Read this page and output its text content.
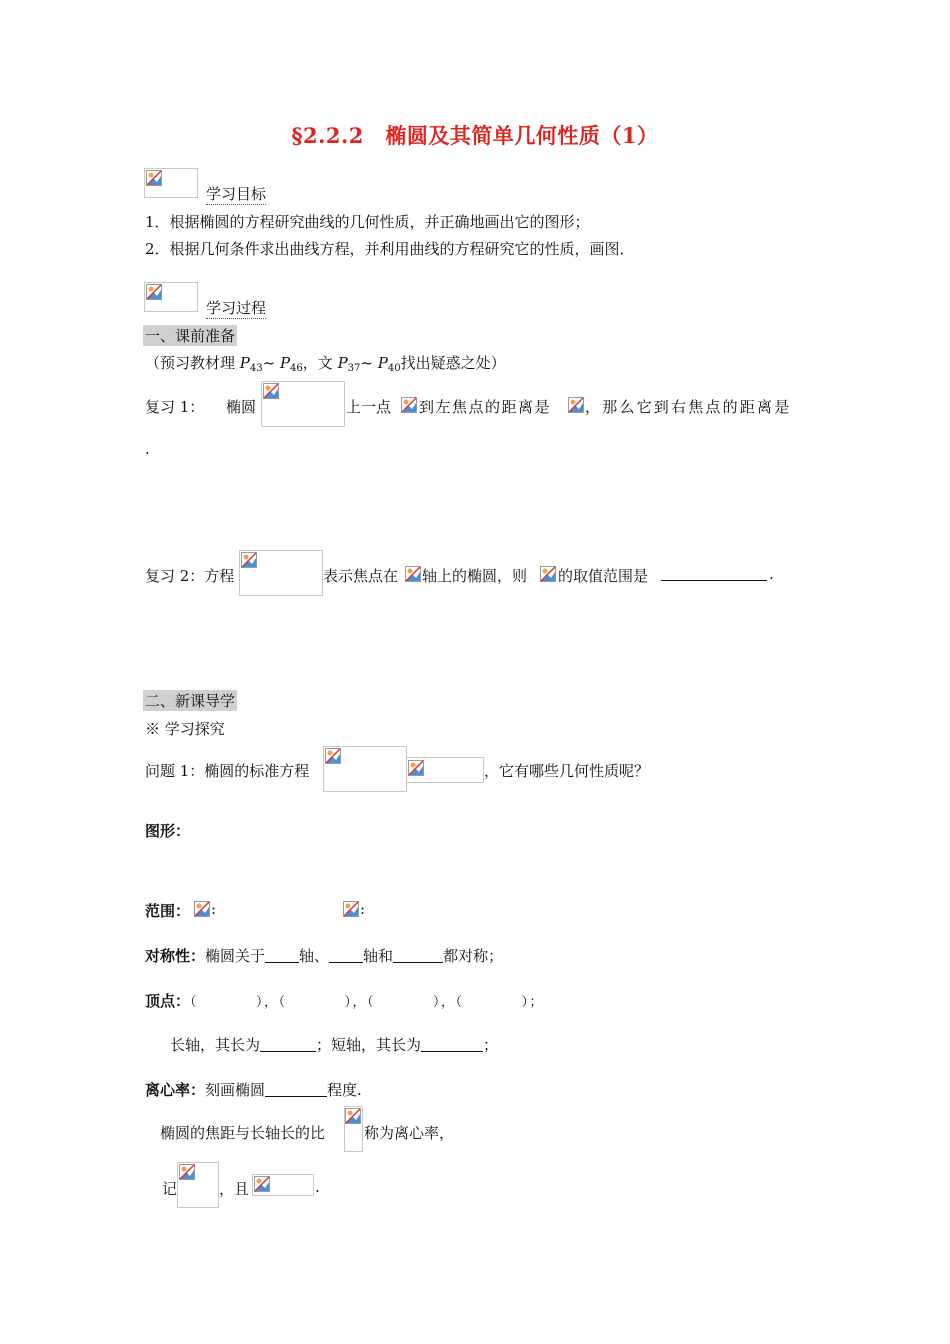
§2.2.2　椭圆及其简单几何性质（1）
学习目标
1．根据椭圆的方程研究曲线的几何性质，并正确地画出它的图形；
2．根据几何条件求出曲线方程，并利用曲线的方程研究它的性质，画图．
学习过程
一、课前准备
（预习教材理 $P_{43}\sim$ $P_{46}$，文 $P_{37}\sim$ $P_{40}$找出疑惑之处）
复习 1： 椭圆	上一点 到左焦点的距离是 ，那么它到右焦点的距离是
.
复习 2：方程	表示焦点在 轴上的椭圆，则 的取值范围是	.
二、新课导学
※ 学习探究
问题 1：椭圆的标准方程	，它有哪些几何性质呢？
图形：
范围： :	:
对称性：椭圆关于 轴、 轴和	都对称；
顶点：（　　　　），（　　　　），（　　　　），（　　　　）；
长轴，其长为	；短轴，其长为	；
离心率：刻画椭圆	程度.
椭圆的焦距与长轴长的比	称为离心率，
记	，且	.
